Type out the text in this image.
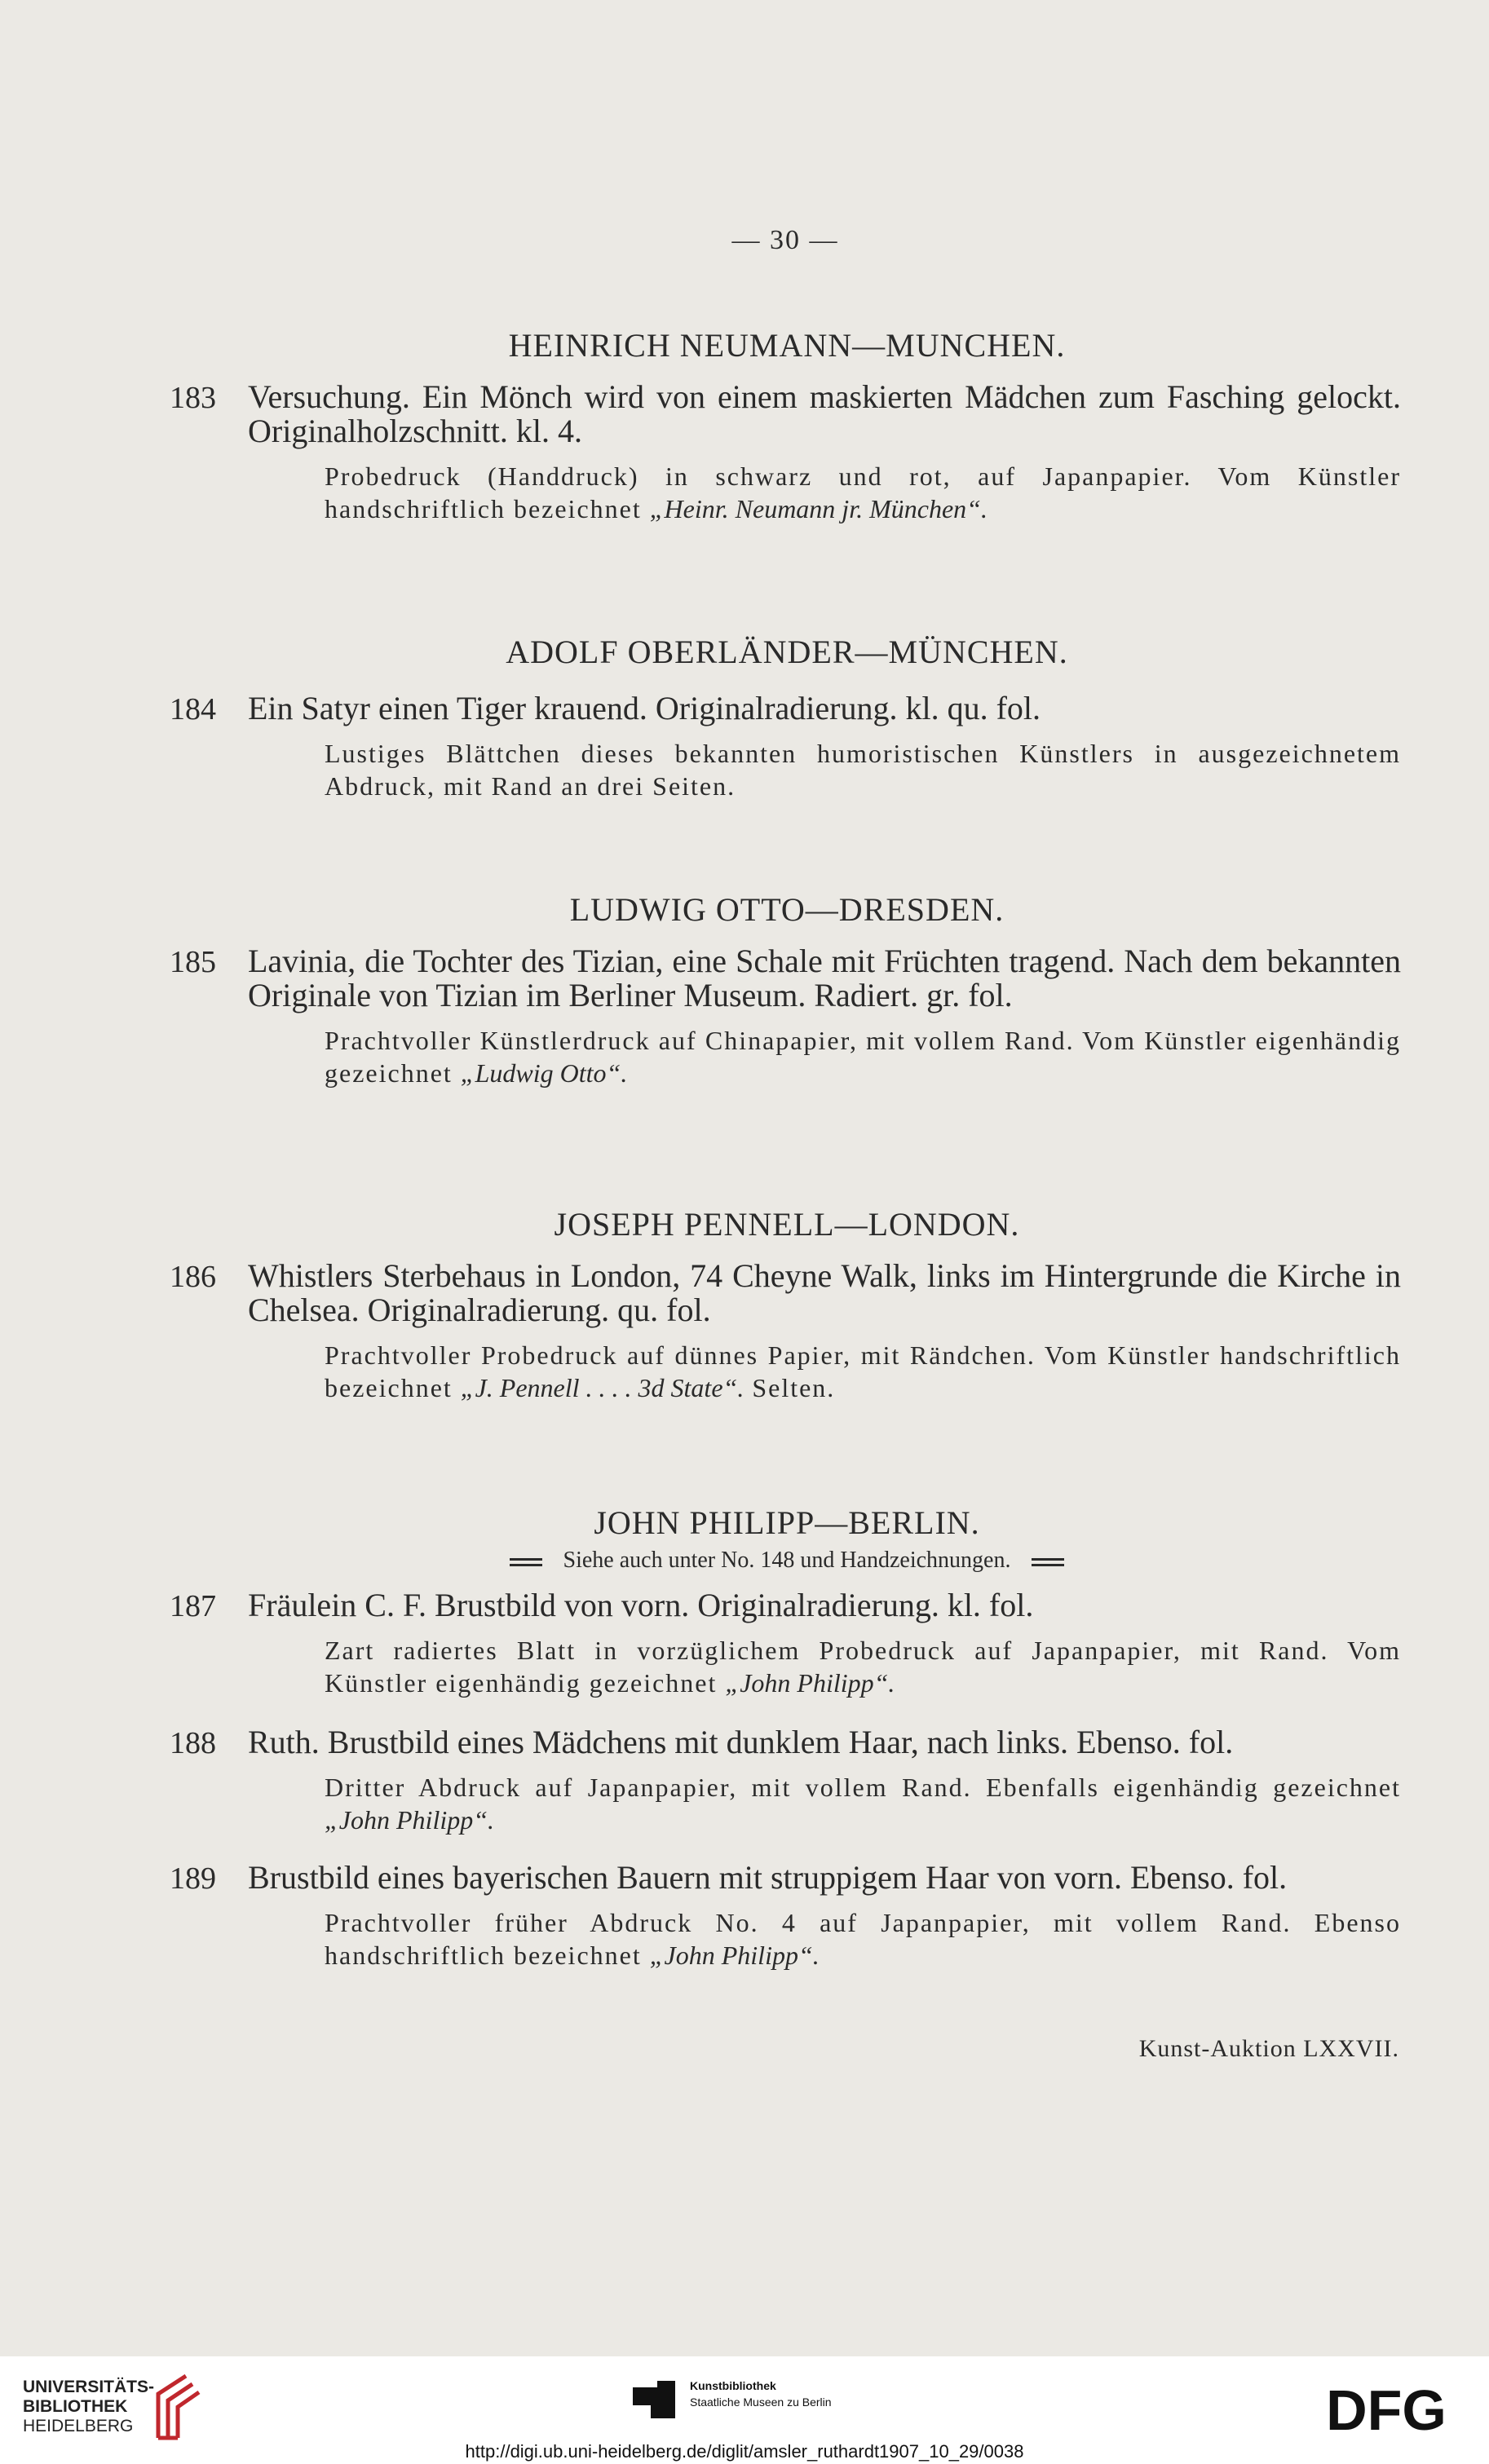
— 30 —
HEINRICH NEUMANN—MUNCHEN.
183 Versuchung. Ein Mönch wird von einem maskierten Mädchen zum Fasching gelockt. Originalholzschnitt. kl. 4.
Probedruck (Handdruck) in schwarz und rot, auf Japanpapier. Vom Künstler handschriftlich bezeichnet „Heinr. Neumann jr. München“.
ADOLF OBERLÄNDER—MÜNCHEN.
184 Ein Satyr einen Tiger krauend. Originalradierung. kl. qu. fol.
Lustiges Blättchen dieses bekannten humoristischen Künstlers in ausgezeichnetem Abdruck, mit Rand an drei Seiten.
LUDWIG OTTO—DRESDEN.
185 Lavinia, die Tochter des Tizian, eine Schale mit Früchten tragend. Nach dem bekannten Originale von Tizian im Berliner Museum. Radiert. gr. fol.
Prachtvoller Künstlerdruck auf Chinapapier, mit vollem Rand. Vom Künstler eigenhändig gezeichnet „Ludwig Otto“.
JOSEPH PENNELL—LONDON.
186 Whistlers Sterbehaus in London, 74 Cheyne Walk, links im Hintergrunde die Kirche in Chelsea. Originalradierung. qu. fol.
Prachtvoller Probedruck auf dünnes Papier, mit Rändchen. Vom Künstler handschriftlich bezeichnet „J. Pennell . . . . 3d State“. Selten.
JOHN PHILIPP—BERLIN.
Siehe auch unter No. 148 und Handzeichnungen.
187 Fräulein C. F. Brustbild von vorn. Originalradierung. kl. fol.
Zart radiertes Blatt in vorzüglichem Probedruck auf Japanpapier, mit Rand. Vom Künstler eigenhändig gezeichnet „John Philipp“.
188 Ruth. Brustbild eines Mädchens mit dunklem Haar, nach links. Ebenso. fol.
Dritter Abdruck auf Japanpapier, mit vollem Rand. Ebenfalls eigenhändig gezeichnet „John Philipp“.
189 Brustbild eines bayerischen Bauern mit struppigem Haar von vorn. Ebenso. fol.
Prachtvoller früher Abdruck No. 4 auf Japanpapier, mit vollem Rand. Ebenso handschriftlich bezeichnet „John Philipp“.
Kunst-Auktion LXXVII.
UNIVERSITÄTS-
BIBLIOTHEK
HEIDELBERG
Kunstbibliothek
Staatliche Museen zu Berlin	DFG
http://digi.ub.uni-heidelberg.de/diglit/amsler_ruthardt1907_10_29/0038
